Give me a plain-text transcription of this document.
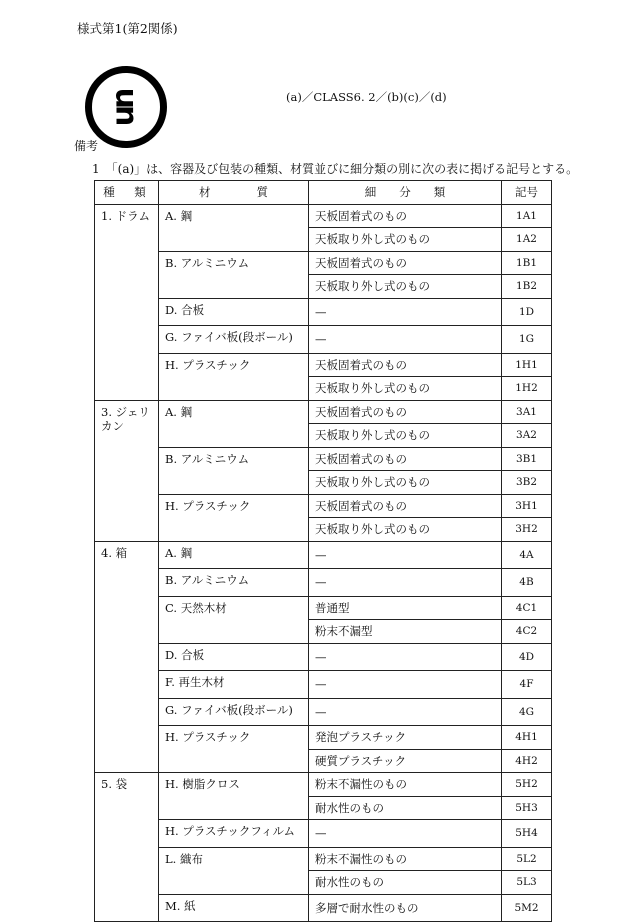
様式第1(第2関係)
un	(a)／CLASS6. 2／(b)(c)／(d)
備考
1　「(a)」は、容器及び包装の種類、材質並びに細分類の別に次の表に掲げる記号とする。
種　類	材　　　　質	細　　分　　類	記号
1. ドラム	A. 鋼	天板固着式のもの	1A1
		天板取り外し式のもの	1A2
	B. アルミニウム	天板固着式のもの	1B1
		天板取り外し式のもの	1B2
	D. 合板	—	1D
	G. ファイバ板(段ボール)	—	1G
	H. プラスチック	天板固着式のもの	1H1
		天板取り外し式のもの	1H2
3. ジェリカン	A. 鋼	天板固着式のもの	3A1
		天板取り外し式のもの	3A2
	B. アルミニウム	天板固着式のもの	3B1
		天板取り外し式のもの	3B2
	H. プラスチック	天板固着式のもの	3H1
		天板取り外し式のもの	3H2
4. 箱	A. 鋼	—	4A
	B. アルミニウム	—	4B
	C. 天然木材	普通型	4C1
		粉末不漏型	4C2
	D. 合板	—	4D
	F. 再生木材	—	4F
	G. ファイバ板(段ボール)	—	4G
	H. プラスチック	発泡プラスチック	4H1
		硬質プラスチック	4H2
5. 袋	H. 樹脂クロス	粉末不漏性のもの	5H2
		耐水性のもの	5H3
	H. プラスチックフィルム	—	5H4
	L. 織布	粉末不漏性のもの	5L2
		耐水性のもの	5L3
	M. 紙	多層で耐水性のもの	5M2
